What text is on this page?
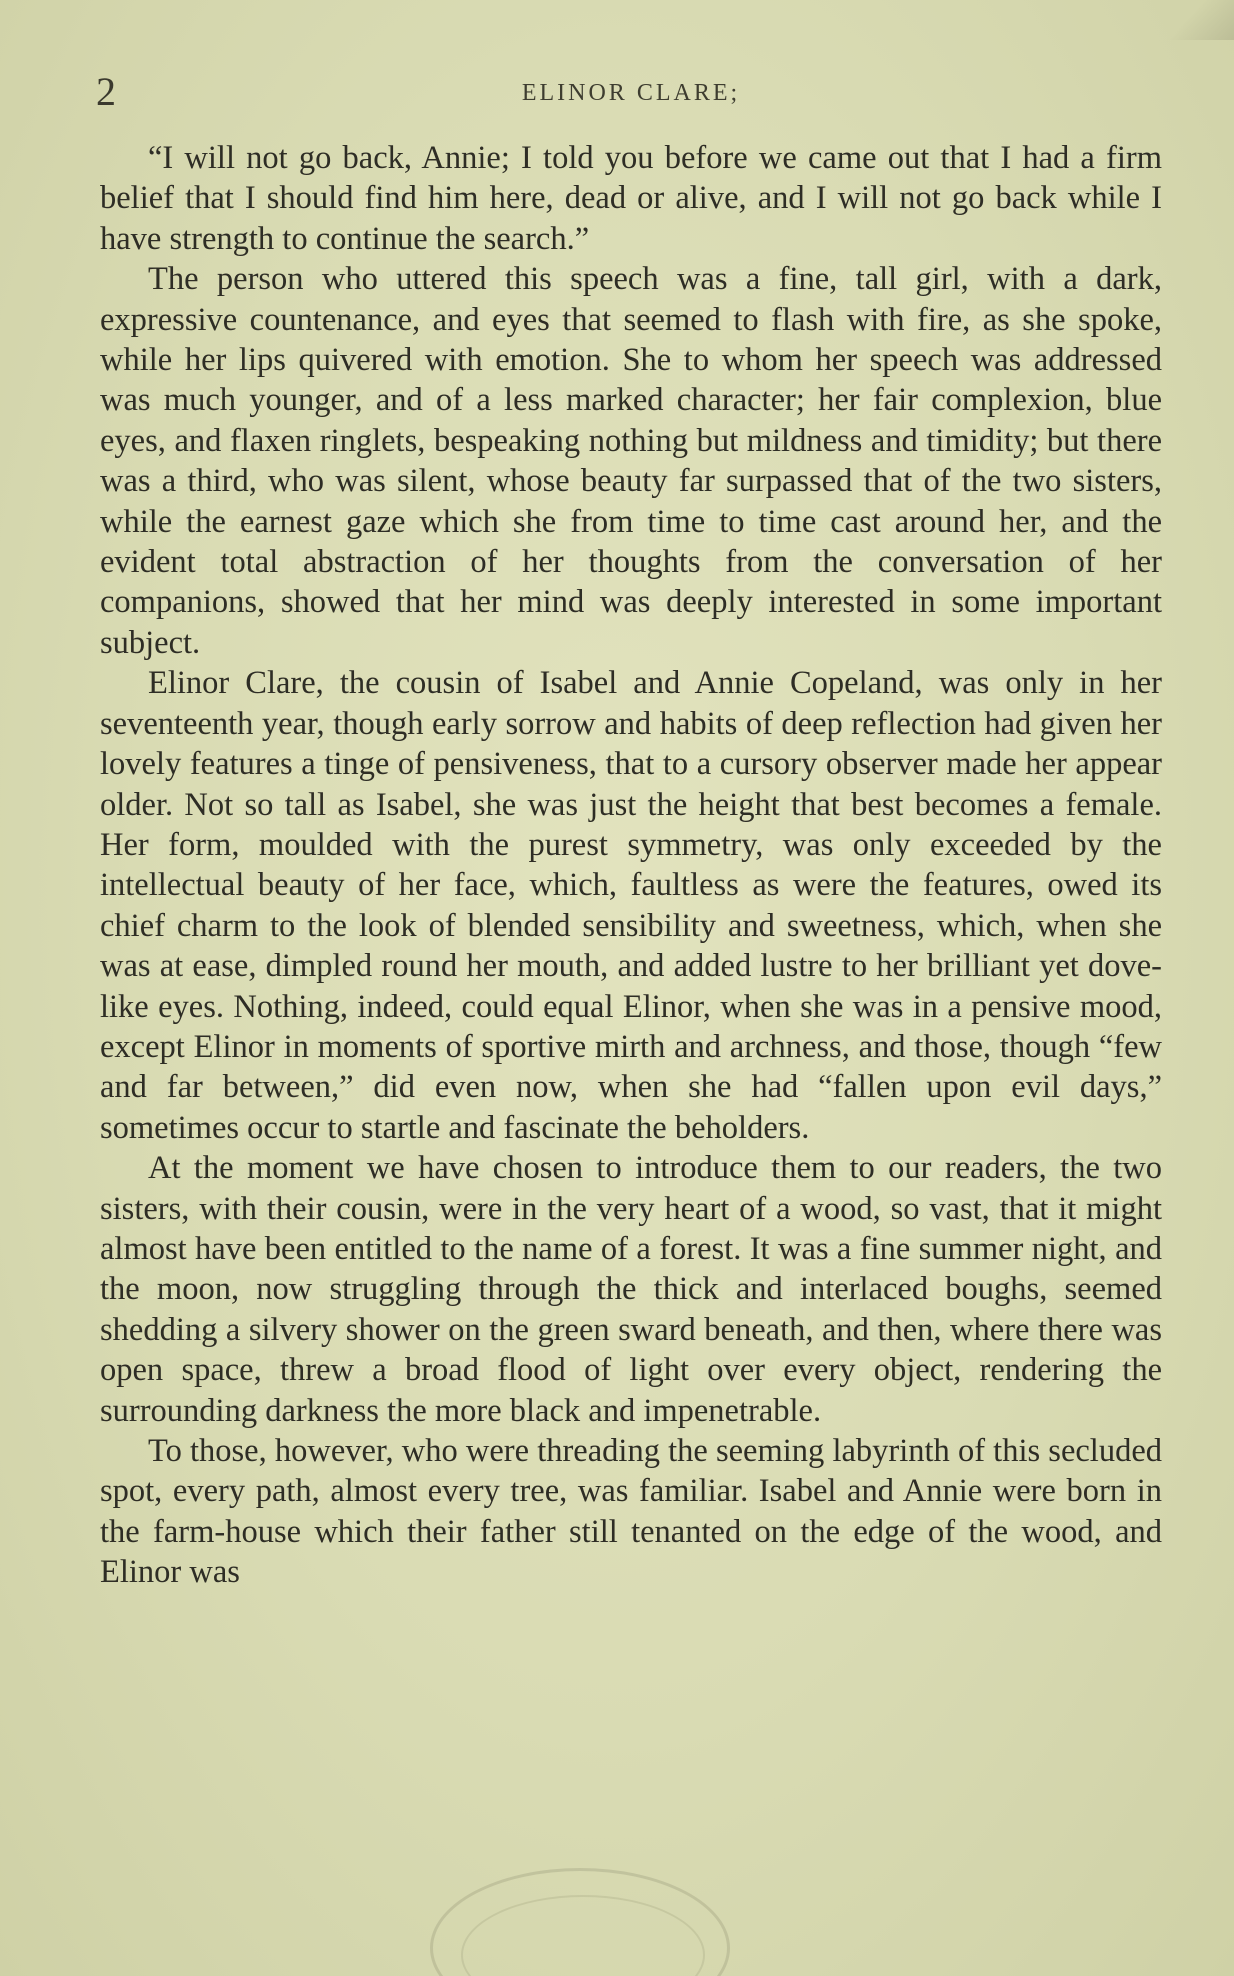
2	ELINOR CLARE;

“I will not go back, Annie; I told you before we came out that I had a firm belief that I should find him here, dead or alive, and I will not go back while I have strength to continue the search.”

The person who uttered this speech was a fine, tall girl, with a dark, expressive countenance, and eyes that seemed to flash with fire, as she spoke, while her lips quivered with emotion. She to whom her speech was addressed was much younger, and of a less marked character; her fair complexion, blue eyes, and flaxen ringlets, bespeaking nothing but mildness and timidity; but there was a third, who was silent, whose beauty far surpassed that of the two sisters, while the earnest gaze which she from time to time cast around her, and the evident total abstraction of her thoughts from the conversation of her companions, showed that her mind was deeply interested in some important subject.

Elinor Clare, the cousin of Isabel and Annie Copeland, was only in her seventeenth year, though early sorrow and habits of deep reflection had given her lovely features a tinge of pensiveness, that to a cursory observer made her appear older. Not so tall as Isabel, she was just the height that best becomes a female. Her form, moulded with the purest symmetry, was only exceeded by the intellectual beauty of her face, which, faultless as were the features, owed its chief charm to the look of blended sensibility and sweetness, which, when she was at ease, dimpled round her mouth, and added lustre to her brilliant yet dove-like eyes. Nothing, indeed, could equal Elinor, when she was in a pensive mood, except Elinor in moments of sportive mirth and archness, and those, though “few and far between,” did even now, when she had “fallen upon evil days,” sometimes occur to startle and fascinate the beholders.

At the moment we have chosen to introduce them to our readers, the two sisters, with their cousin, were in the very heart of a wood, so vast, that it might almost have been entitled to the name of a forest. It was a fine summer night, and the moon, now struggling through the thick and interlaced boughs, seemed shedding a silvery shower on the green sward beneath, and then, where there was open space, threw a broad flood of light over every object, rendering the surrounding darkness the more black and impenetrable.

To those, however, who were threading the seeming labyrinth of this secluded spot, every path, almost every tree, was familiar. Isabel and Annie were born in the farm-house which their father still tenanted on the edge of the wood, and Elinor was
